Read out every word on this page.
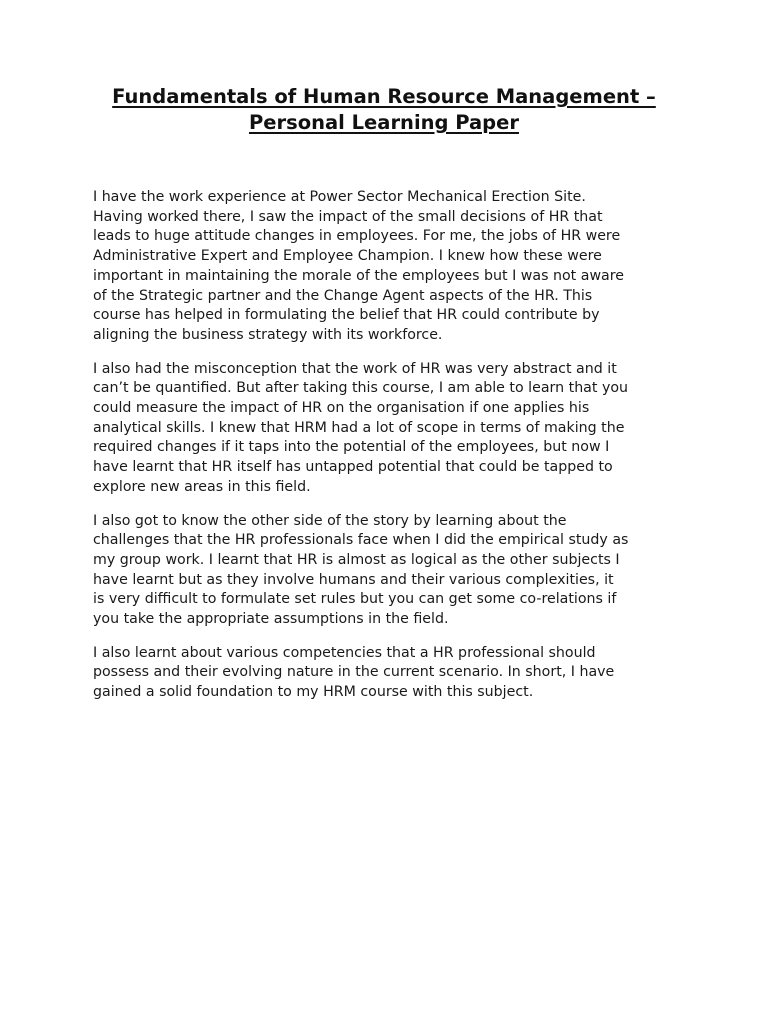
Fundamentals of Human Resource Management –
Personal Learning Paper

I have the work experience at Power Sector Mechanical Erection Site.
Having worked there, I saw the impact of the small decisions of HR that
leads to huge attitude changes in employees. For me, the jobs of HR were
Administrative Expert and Employee Champion. I knew how these were
important in maintaining the morale of the employees but I was not aware
of the Strategic partner and the Change Agent aspects of the HR. This
course has helped in formulating the belief that HR could contribute by
aligning the business strategy with its workforce.

I also had the misconception that the work of HR was very abstract and it
can’t be quantified. But after taking this course, I am able to learn that you
could measure the impact of HR on the organisation if one applies his
analytical skills. I knew that HRM had a lot of scope in terms of making the
required changes if it taps into the potential of the employees, but now I
have learnt that HR itself has untapped potential that could be tapped to
explore new areas in this field.

I also got to know the other side of the story by learning about the
challenges that the HR professionals face when I did the empirical study as
my group work. I learnt that HR is almost as logical as the other subjects I
have learnt but as they involve humans and their various complexities, it
is very difficult to formulate set rules but you can get some co-relations if
you take the appropriate assumptions in the field.

I also learnt about various competencies that a HR professional should
possess and their evolving nature in the current scenario. In short, I have
gained a solid foundation to my HRM course with this subject.
